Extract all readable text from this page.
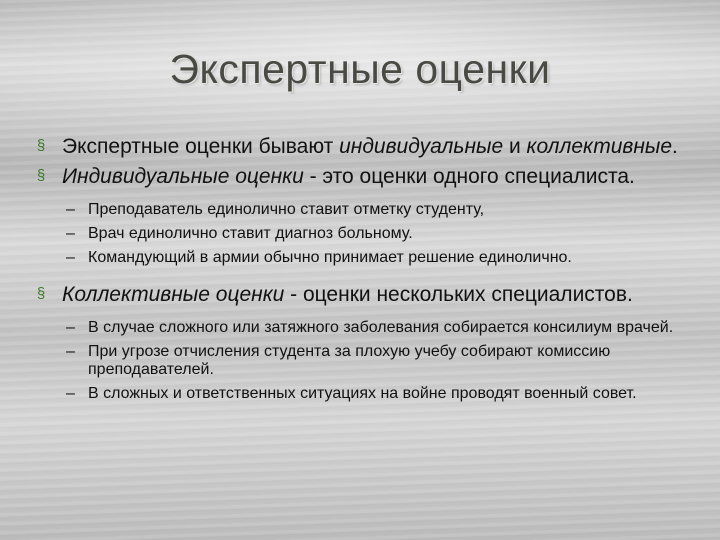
Экспертные оценки
§ Экспертные оценки бывают индивидуальные и коллективные.
§ Индивидуальные оценки - это оценки одного специалиста.
– Преподаватель единолично ставит отметку студенту,
– Врач единолично ставит диагноз больному.
– Командующий в армии обычно принимает решение единолично.
§ Коллективные оценки - оценки нескольких специалистов.
– В случае сложного или затяжного заболевания собирается консилиум врачей.
– При угрозе отчисления студента за плохую учебу собирают комиссию преподавателей.
– В сложных и ответственных ситуациях на войне проводят военный совет.
